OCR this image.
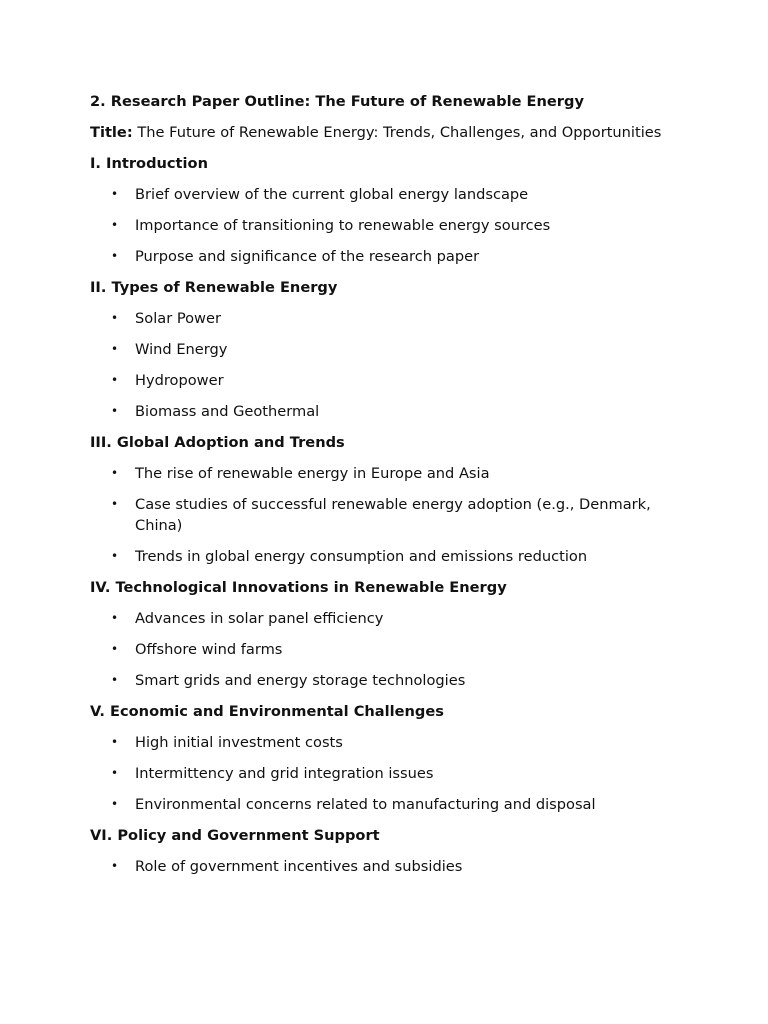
2. Research Paper Outline: The Future of Renewable Energy
Title: The Future of Renewable Energy: Trends, Challenges, and Opportunities
I. Introduction
• Brief overview of the current global energy landscape
• Importance of transitioning to renewable energy sources
• Purpose and significance of the research paper
II. Types of Renewable Energy
• Solar Power
• Wind Energy
• Hydropower
• Biomass and Geothermal
III. Global Adoption and Trends
• The rise of renewable energy in Europe and Asia
• Case studies of successful renewable energy adoption (e.g., Denmark, China)
• Trends in global energy consumption and emissions reduction
IV. Technological Innovations in Renewable Energy
• Advances in solar panel efficiency
• Offshore wind farms
• Smart grids and energy storage technologies
V. Economic and Environmental Challenges
• High initial investment costs
• Intermittency and grid integration issues
• Environmental concerns related to manufacturing and disposal
VI. Policy and Government Support
• Role of government incentives and subsidies
